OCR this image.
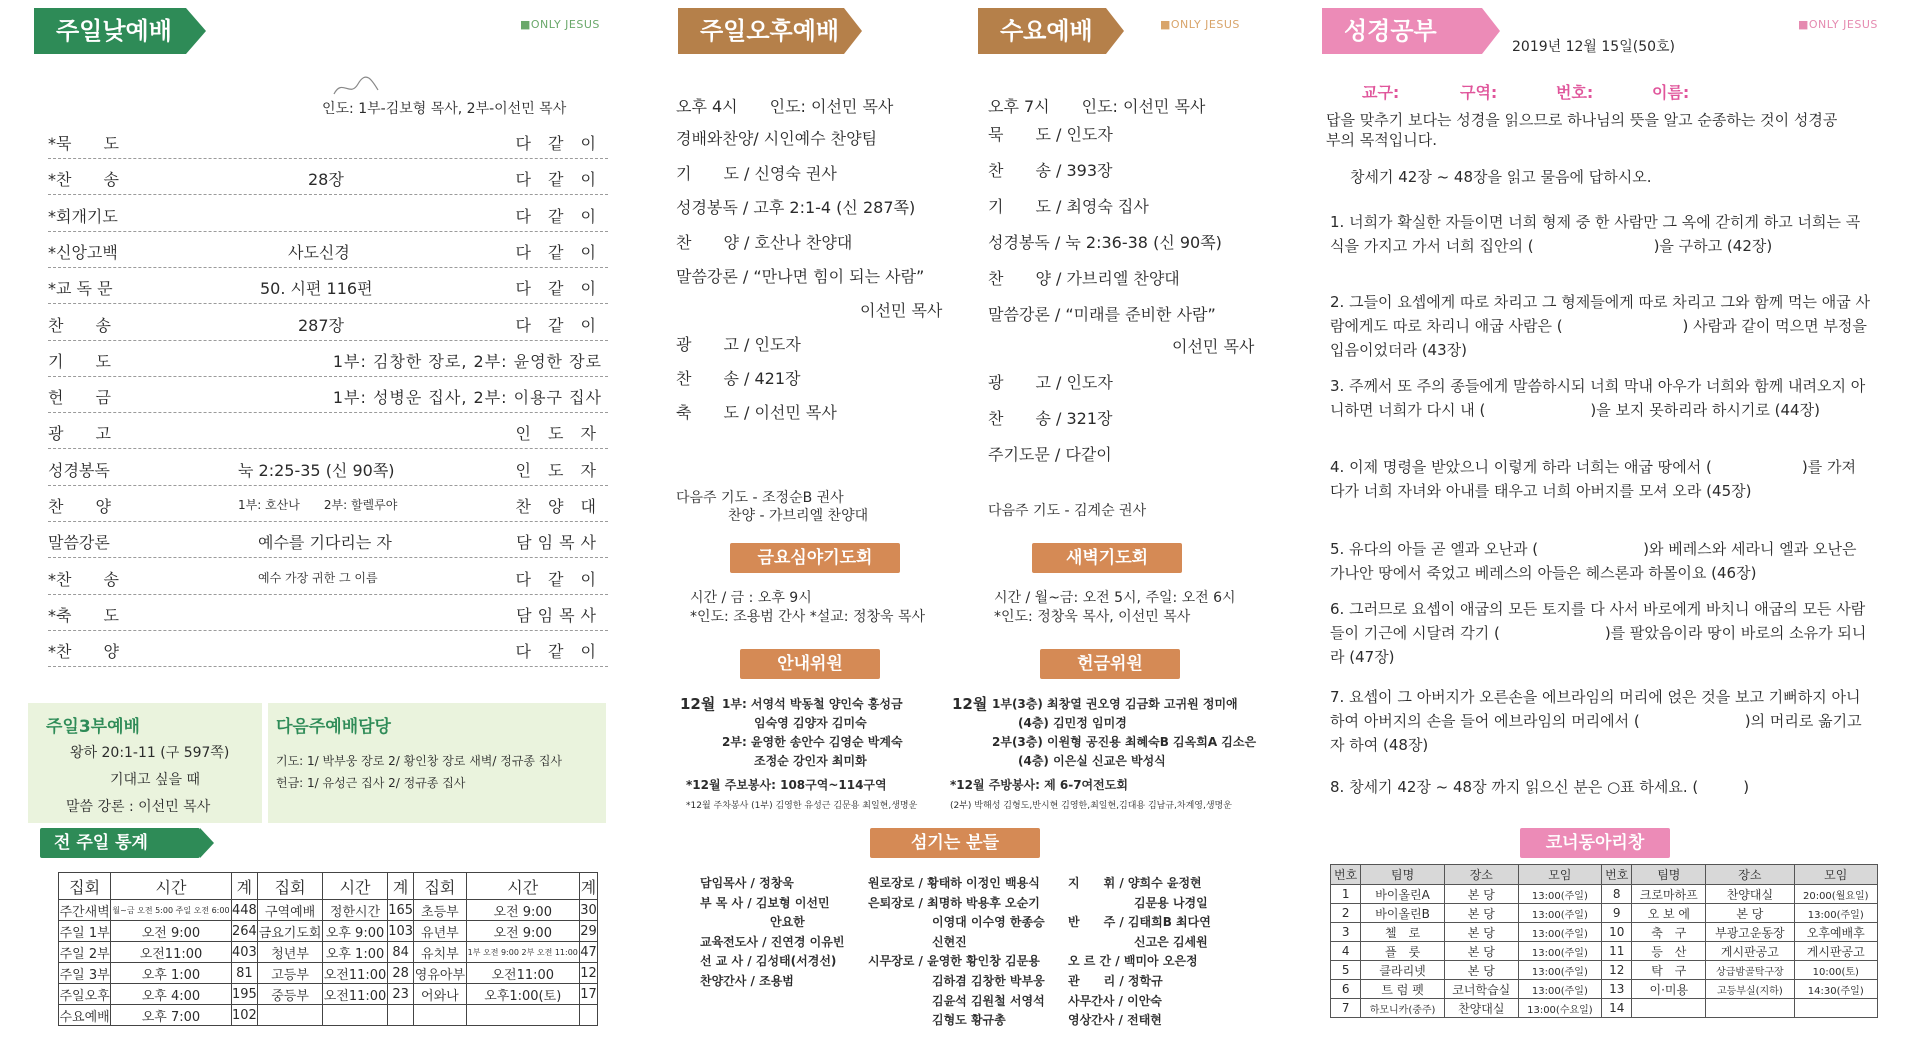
주일낮예배	■ONLY JESUS
인도: 1부-김보형 목사, 2부-이선민 목사
*묵　　도	다 같 이
*찬　　송	28장	다 같 이
*회개기도	다 같 이
*신앙고백	사도신경	다 같 이
*교 독 문	50. 시편 116편	다 같 이
찬　　송	287장	다 같 이
기　　도	1부: 김창한 장로, 2부: 윤영한 장로
헌　　금	1부: 성병운 집사, 2부: 이용구 집사
광　　고	인 도 자
성경봉독	눅 2:25-35 (신 90쪽)	인 도 자
찬　　양	1부: 호산나　　2부: 할렐루야	찬 양 대
말씀강론	예수를 기다리는 자	담임목사
*찬　　송	예수 가장 귀한 그 이름	다 같 이
*축　　도	담임목사
*찬　　양	다 같 이
주일3부예배
왕하 20:1-11 (구 597쪽)
기대고 싶을 때
말씀 강론 : 이선민 목사
다음주예배담당
기도: 1/ 박부웅 장로 2/ 황인창 장로 새벽/ 정규종 집사
헌금: 1/ 유성근 집사 2/ 정규종 집사
전 주일 통계
집회	시간	계	집회	시간	계	집회	시간	계
주간새벽	월~금 오전 5:00 주일 오전 6:00	448	구역예배	정한시간	165	초등부	오전 9:00	30
주일 1부	오전 9:00	264	금요기도회	오후 9:00	103	유년부	오전 9:00	29
주일 2부	오전11:00	403	청년부	오후 1:00	84	유치부	1부 오전 9:00 2부 오전 11:00	47
주일 3부	오후 1:00	81	고등부	오전11:00	28	영유아부	오전11:00	12
주일오후	오후 4:00	195	중등부	오전11:00	23	어와나	오후1:00(토)	17
수요예배	오후 7:00	102						
주일오후예배	수요예배	■ONLY JESUS
오후 4시　　인도: 이선민 목사
경배와찬양/ 시인예수 찬양팀
기　　도 / 신영숙 권사
성경봉독 / 고후 2:1-4 (신 287쪽)
찬　　양 / 호산나 찬양대
말씀강론 / “만나면 힘이 되는 사람”
이선민 목사
광　　고 / 인도자
찬　　송 / 421장
축　　도 / 이선민 목사
다음주 기도 - 조정순B 권사
찬양 - 가브리엘 찬양대
오후 7시　　인도: 이선민 목사
묵　　도 / 인도자
찬　　송 / 393장
기　　도 / 최영숙 집사
성경봉독 / 눅 2:36-38 (신 90쪽)
찬　　양 / 가브리엘 찬양대
말씀강론 / “미래를 준비한 사람”
이선민 목사
광　　고 / 인도자
찬　　송 / 321장
주기도문 / 다같이
다음주 기도 - 김계순 권사
금요심야기도회
시간 / 금 : 오후 9시
*인도: 조용범 간사 *설교: 정창욱 목사
새벽기도회
시간 / 월~금: 오전 5시, 주일: 오전 6시
*인도: 정창욱 목사, 이선민 목사
안내위원
12월 1부: 서영석 박동철 양인숙 홍성금
임숙영 김양자 김미숙
2부: 윤영한 송안수 김영순 박계숙
조정순 강인자 최미화
*12월 주보봉사: 108구역~114구역
*12월 주차봉사 (1부) 김영한 유성근 김문용 최일현,생명운
헌금위원
12월 1부(3층) 최창열 권오영 김금화 고귀원 정미애
(4층) 김민정 임미경
2부(3층) 이원형 공진용 최혜숙B 김옥희A 김소은
(4층) 이은실 신교은 박성식
*12월 주방봉사: 제 6-7여전도회
(2부) 박해성 김형도,반시현 김영한,최일현,김대용 김남규,차계영,생명운
섬기는 분들
담임목사 / 정창욱
부 목 사 / 김보형 이선민
안요한
교육전도사 / 진연경 이유빈
선 교 사 / 김성태(서경선)
찬양간사 / 조용범
원로장로 / 황태하 이정인 백용식
은퇴장로 / 최명하 박용후 오순기
이영대 이수영 한종승
신현진
시무장로 / 윤영한 황인창 김문용
김하겸 김창한 박부웅
김윤석 김원철 서영석
김형도 황규총
지　　휘 / 양희수 윤정현
김문용 나경일
반　　주 / 김태희B 최다연
신고은 김세원
오 르 간 / 백미아 오은정
관　　리 / 정학규
사무간사 / 이안숙
영상간사 / 전태현
성경공부
2019년 12월 15일(50호)
■ONLY JESUS
교구:	구역:	번호:	이름:
답을 맞추기 보다는 성경을 읽으므로 하나님의 뜻을 알고 순종하는 것이 성경공부의 목적입니다.
창세기 42장 ~ 48장을 읽고 물음에 답하시오.
1. 너희가 확실한 자들이면 너희 형제 중 한 사람만 그 옥에 갇히게 하고 너희는 곡식을 가지고 가서 너희 집안의 (　　　　　　　　)을 구하고 (42장)
2. 그들이 요셉에게 따로 차리고 그 형제들에게 따로 차리고 그와 함께 먹는 애굽 사람에게도 따로 차리니 애굽 사람은 (　　　　　　　　) 사람과 같이 먹으면 부정을 입음이었더라 (43장)
3. 주께서 또 주의 종들에게 말씀하시되 너희 막내 아우가 너희와 함께 내려오지 아니하면 너희가 다시 내 (　　　　　　　)을 보지 못하리라 하시기로 (44장)
4. 이제 명령을 받았으니 이렇게 하라 너희는 애굽 땅에서 (　　　　　　)를 가져다가 너희 자녀와 아내를 태우고 너희 아버지를 모셔 오라 (45장)
5. 유다의 아들 곧 엘과 오난과 (　　　　　　　)와 베레스와 세라니 엘과 오난은 가나안 땅에서 죽었고 베레스의 아들은 헤스론과 하몰이요 (46장)
6. 그러므로 요셉이 애굽의 모든 토지를 다 사서 바로에게 바치니 애굽의 모든 사람들이 기근에 시달려 각기 (　　　　　　　)를 팔았음이라 땅이 바로의 소유가 되니라 (47장)
7. 요셉이 그 아버지가 오른손을 에브라임의 머리에 얹은 것을 보고 기뻐하지 아니하여 아버지의 손을 들어 에브라임의 머리에서 (　　　　　　　)의 머리로 옮기고자 하여 (48장)
8. 창세기 42장 ~ 48장 까지 읽으신 분은 ○표 하세요. (　　　)
코너동아리창
번호	팀명	장소	모임	번호	팀명	장소	모임
1	바이올린A	본 당	13:00(주일)	8	크로마하프	찬양대실	20:00(월요일)
2	바이올린B	본 당	13:00(주일)	9	오 보 에	본 당	13:00(주일)
3	첼　로	본 당	13:00(주일)	10	축　구	부광고운동장	오후예배후
4	플　룻	본 당	13:00(주일)	11	등　산	게시판공고	게시판공고
5	클라리넷	본 당	13:00(주일)	12	탁　구	상급밤골탁구장	10:00(토)
6	트 럼 펫	코너학습실	13:00(주일)	13	이·미용	고등부실(지하)	14:30(주일)
7	하모니카(중주)	찬양대실	13:00(수요일)	14			
